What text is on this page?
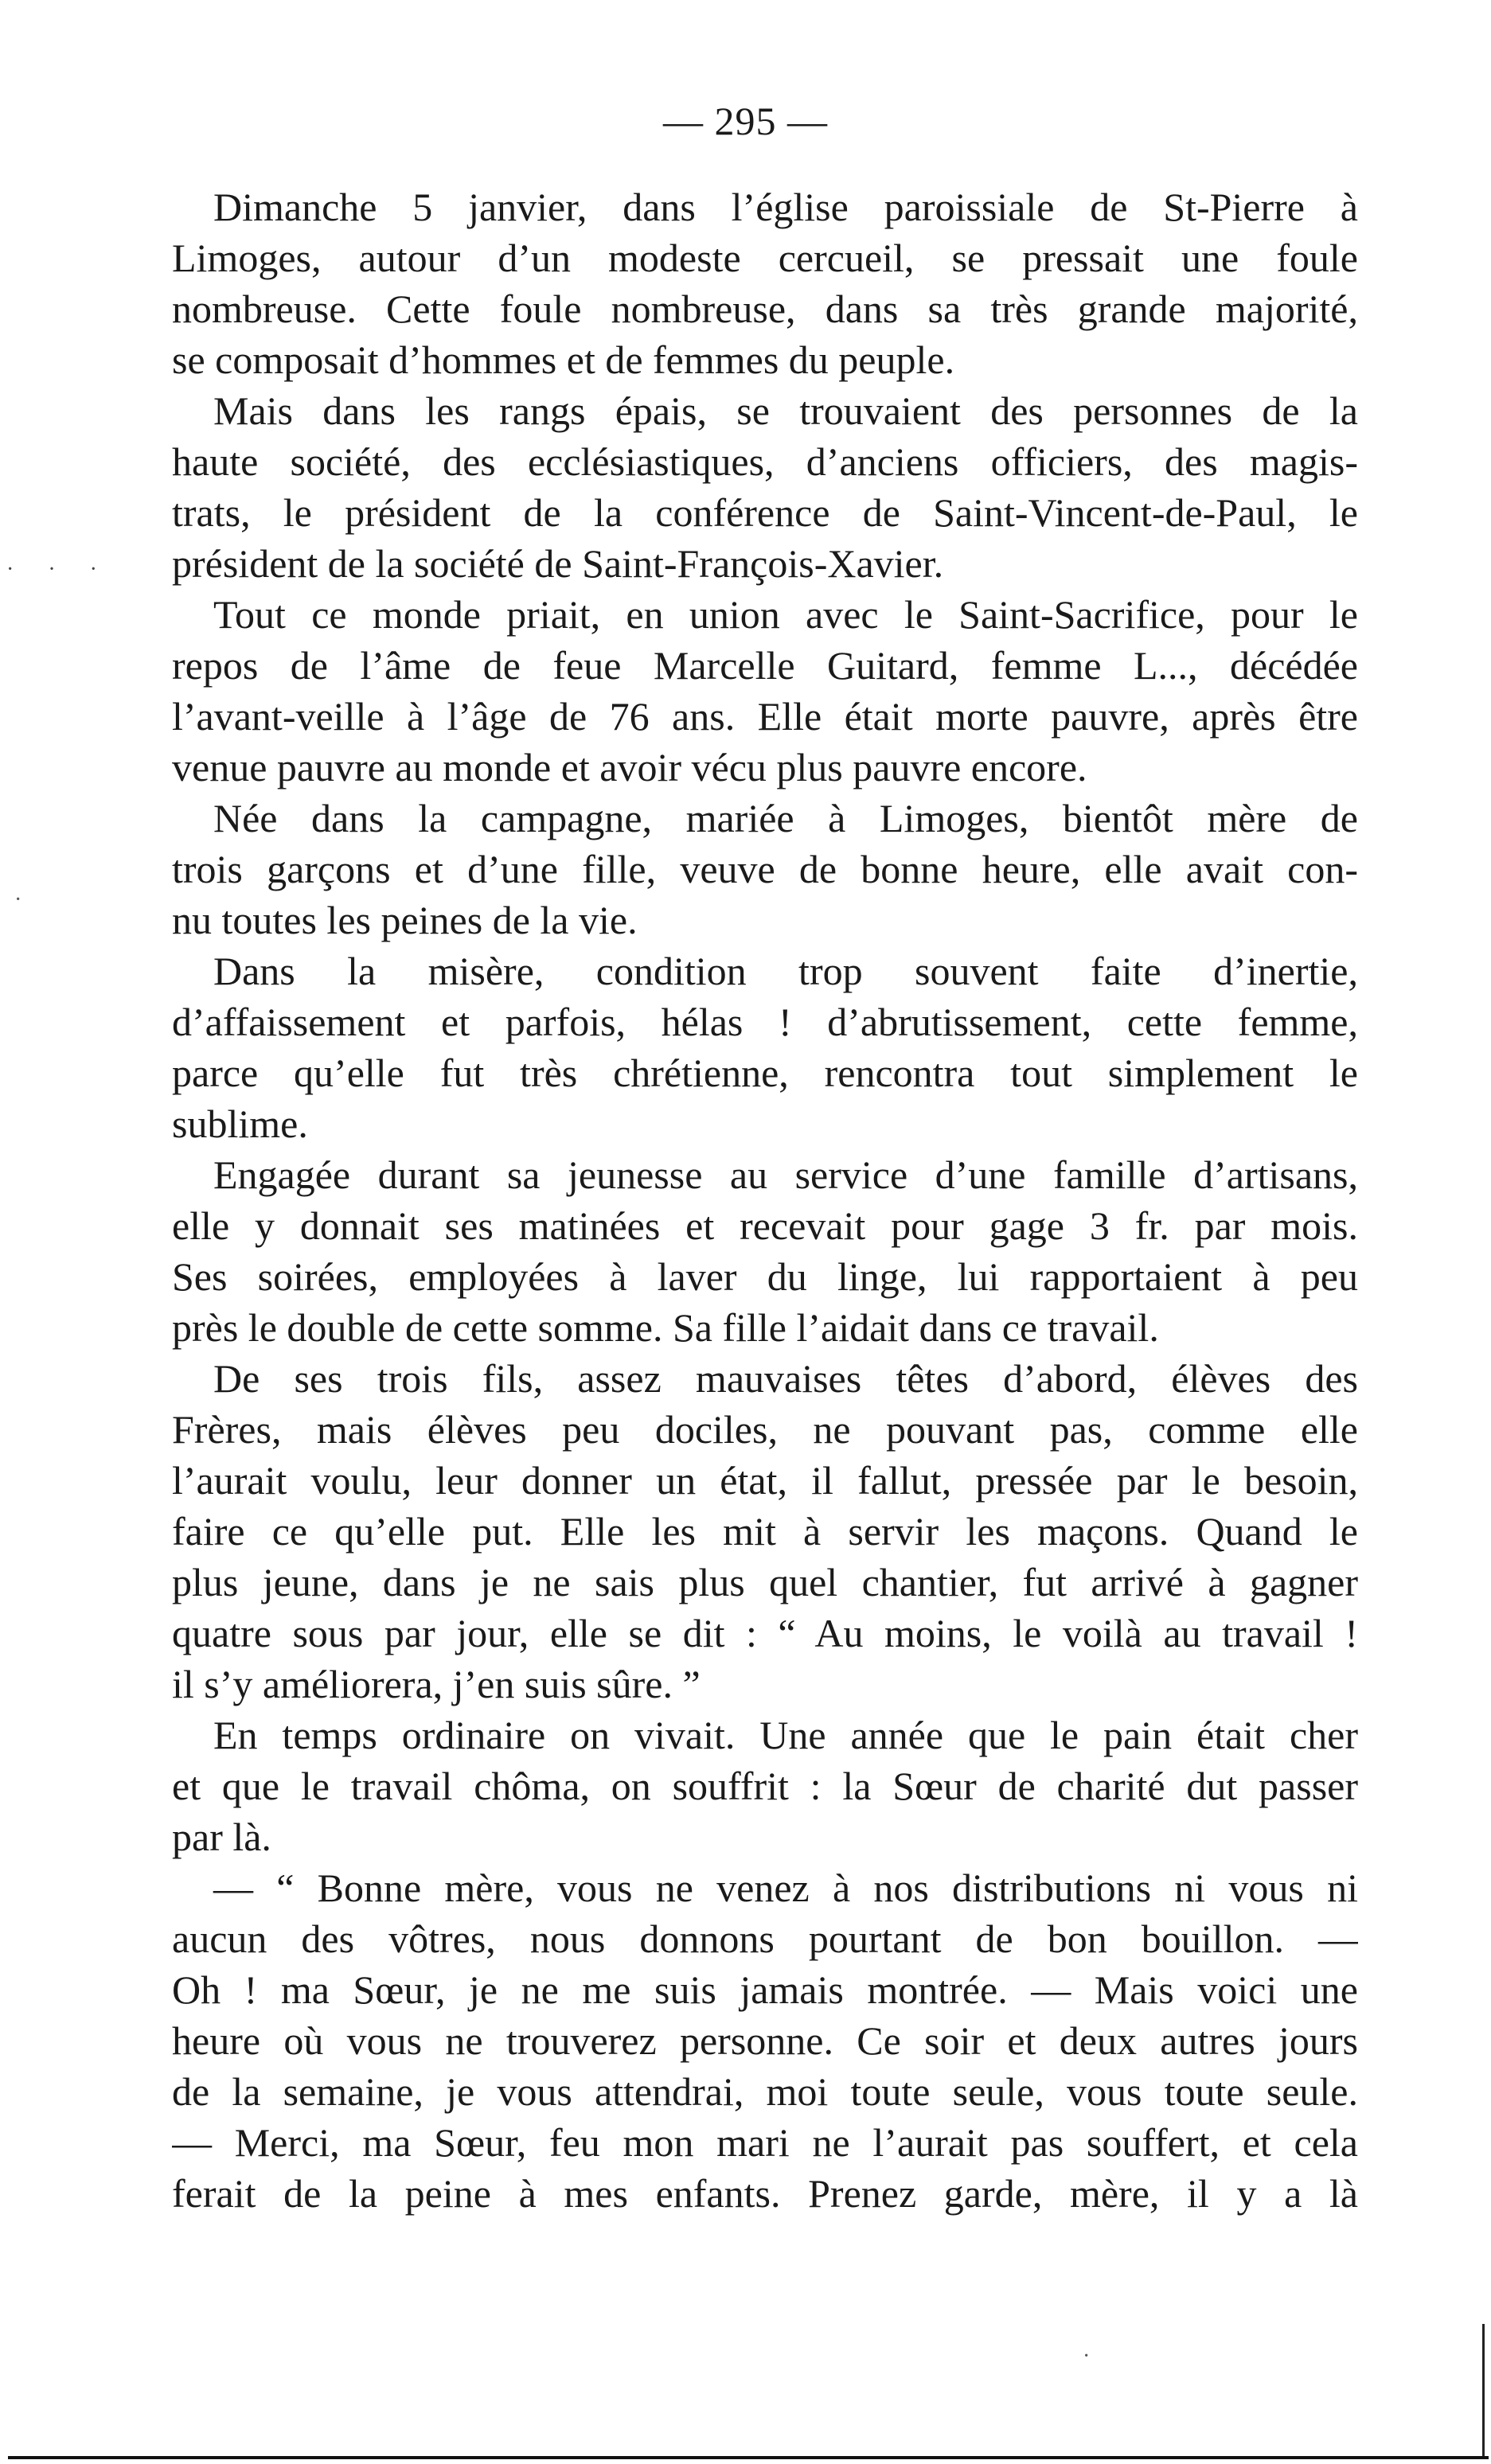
— 295 —
Dimanche 5 janvier, dans l’église paroissiale de St-Pierre à
Limoges, autour d’un modeste cercueil, se pressait une foule
nombreuse. Cette foule nombreuse, dans sa très grande majorité,
se composait d’hommes et de femmes du peuple.
Mais dans les rangs épais, se trouvaient des personnes de la
haute société, des ecclésiastiques, d’anciens officiers, des magis-
trats, le président de la conférence de Saint-Vincent-de-Paul, le
président de la société de Saint-François-Xavier.
Tout ce monde priait, en union avec le Saint-Sacrifice, pour le
repos de l’âme de feue Marcelle Guitard, femme L..., décédée
l’avant-veille à l’âge de 76 ans. Elle était morte pauvre, après être
venue pauvre au monde et avoir vécu plus pauvre encore.
Née dans la campagne, mariée à Limoges, bientôt mère de
trois garçons et d’une fille, veuve de bonne heure, elle avait con-
nu toutes les peines de la vie.
Dans la misère, condition trop souvent faite d’inertie,
d’affaissement et parfois, hélas ! d’abrutissement, cette femme,
parce qu’elle fut très chrétienne, rencontra tout simplement le
sublime.
Engagée durant sa jeunesse au service d’une famille d’artisans,
elle y donnait ses matinées et recevait pour gage 3 fr. par mois.
Ses soirées, employées à laver du linge, lui rapportaient à peu
près le double de cette somme. Sa fille l’aidait dans ce travail.
De ses trois fils, assez mauvaises têtes d’abord, élèves des
Frères, mais élèves peu dociles, ne pouvant pas, comme elle
l’aurait voulu, leur donner un état, il fallut, pressée par le besoin,
faire ce qu’elle put. Elle les mit à servir les maçons. Quand le
plus jeune, dans je ne sais plus quel chantier, fut arrivé à gagner
quatre sous par jour, elle se dit : “ Au moins, le voilà au travail !
il s’y améliorera, j’en suis sûre. ”
En temps ordinaire on vivait. Une année que le pain était cher
et que le travail chôma, on souffrit : la Sœur de charité dut passer
par là.
— “ Bonne mère, vous ne venez à nos distributions ni vous ni
aucun des vôtres, nous donnons pourtant de bon bouillon. —
Oh ! ma Sœur, je ne me suis jamais montrée. — Mais voici une
heure où vous ne trouverez personne. Ce soir et deux autres jours
de la semaine, je vous attendrai, moi toute seule, vous toute seule.
— Merci, ma Sœur, feu mon mari ne l’aurait pas souffert, et cela
ferait de la peine à mes enfants. Prenez garde, mère, il y a là
· · ·
·
·
